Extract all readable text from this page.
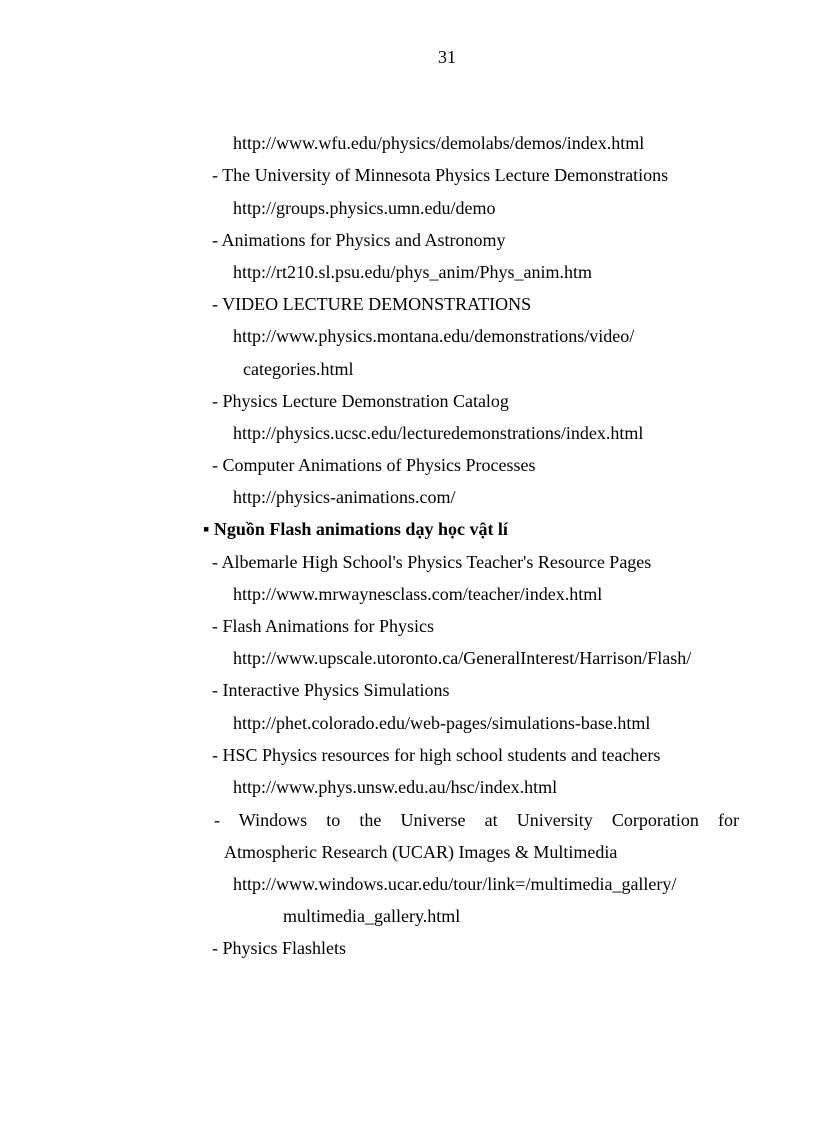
31
http://www.wfu.edu/physics/demolabs/demos/index.html
- The University of Minnesota Physics Lecture Demonstrations
http://groups.physics.umn.edu/demo
- Animations for Physics and Astronomy
http://rt210.sl.psu.edu/phys_anim/Phys_anim.htm
- VIDEO LECTURE DEMONSTRATIONS
http://www.physics.montana.edu/demonstrations/video/
categories.html
- Physics Lecture Demonstration Catalog
http://physics.ucsc.edu/lecturedemonstrations/index.html
- Computer Animations of Physics Processes
http://physics-animations.com/
▪ Nguồn Flash animations dạy học vật lí
- Albemarle High School's Physics Teacher's Resource Pages
http://www.mrwaynesclass.com/teacher/index.html
- Flash Animations for Physics
http://www.upscale.utoronto.ca/GeneralInterest/Harrison/Flash/
- Interactive Physics Simulations
http://phet.colorado.edu/web-pages/simulations-base.html
- HSC Physics resources for high school students and teachers
http://www.phys.unsw.edu.au/hsc/index.html
- Windows to the Universe at University Corporation for
Atmospheric Research (UCAR) Images & Multimedia
http://www.windows.ucar.edu/tour/link=/multimedia_gallery/
multimedia_gallery.html
- Physics Flashlets
